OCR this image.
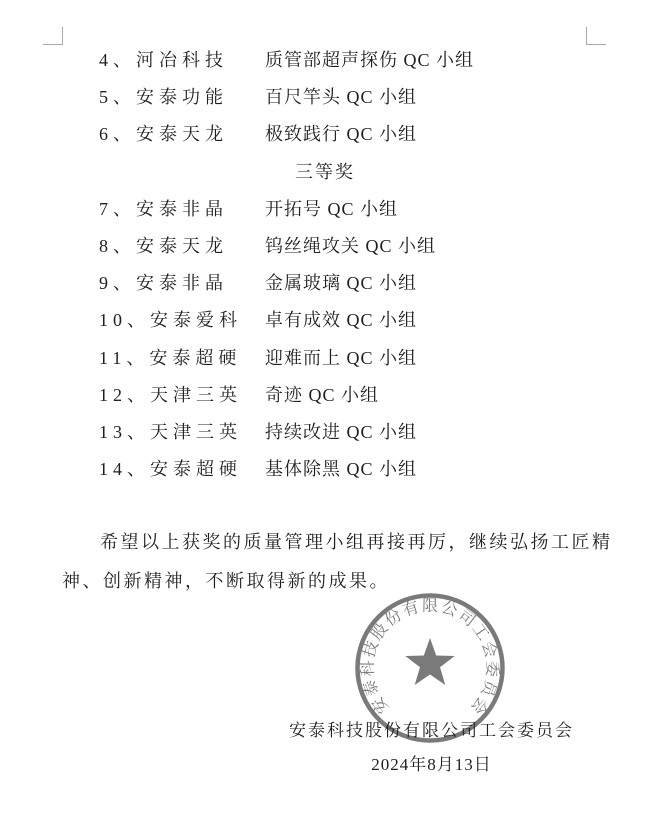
4、河冶科技	质管部超声探伤 QC 小组
5、安泰功能	百尺竿头 QC 小组
6、安泰天龙	极致践行 QC 小组
三等奖
7、安泰非晶	开拓号 QC 小组
8、安泰天龙	钨丝绳攻关 QC 小组
9、安泰非晶	金属玻璃 QC 小组
10、安泰爱科	卓有成效 QC 小组
11、安泰超硬	迎难而上 QC 小组
12、天津三英	奇迹 QC 小组
13、天津三英	持续改进 QC 小组
14、安泰超硬	基体除黑 QC 小组
希望以上获奖的质量管理小组再接再厉，继续弘扬工匠精
神、创新精神，不断取得新的成果。
安泰科技股份有限公司工会委员会
安泰科技股份有限公司工会委员会
2024年8月13日
